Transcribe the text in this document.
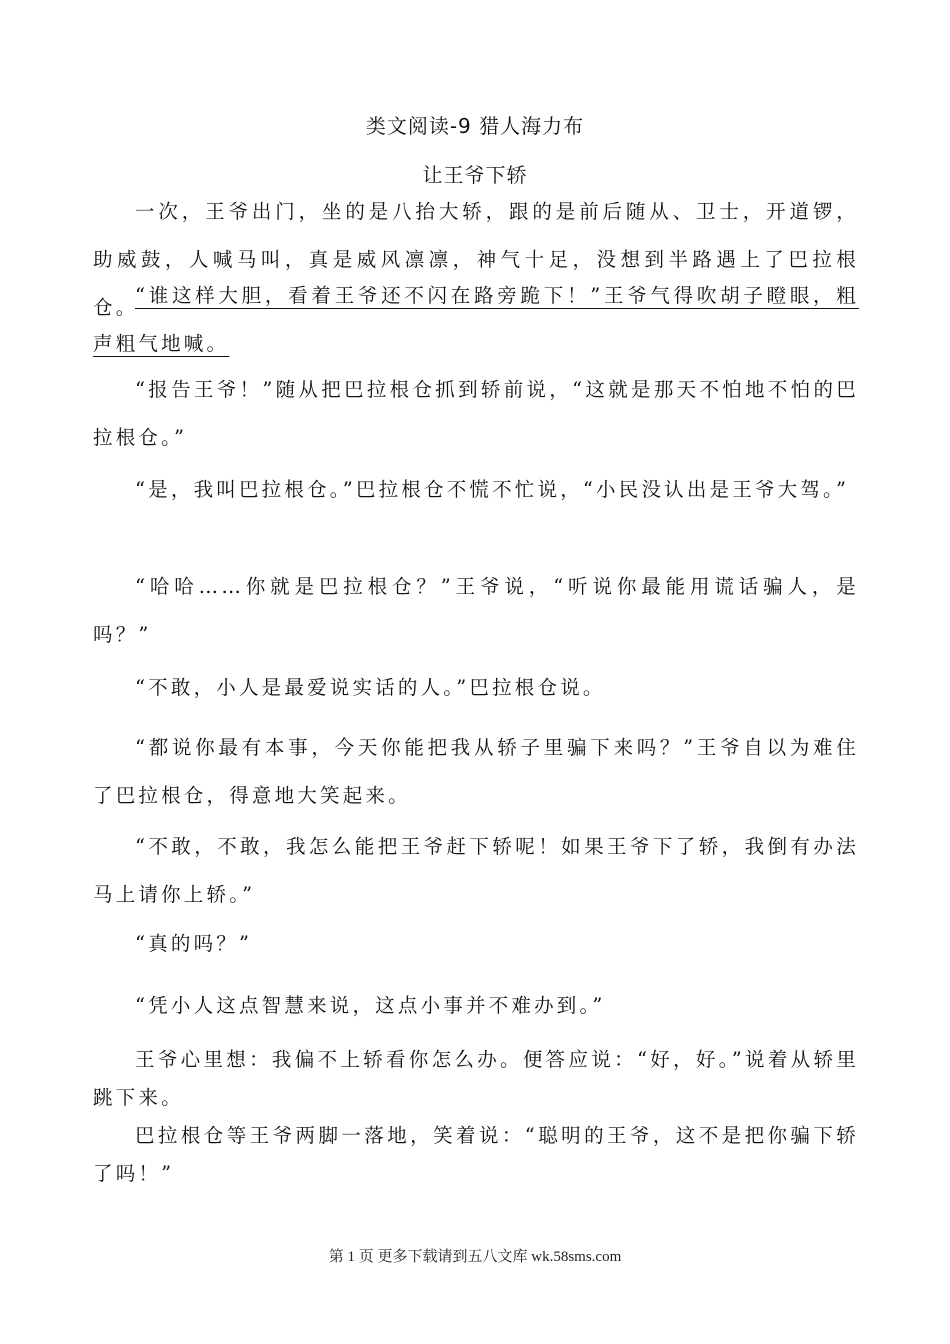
类文阅读-9 猎人海力布
让王爷下轿

一次，王爷出门，坐的是八抬大轿，跟的是前后随从、卫士，开道锣，助威鼓，人喊马叫，真是威风凛凛，神气十足，没想到半路遇上了巴拉根仓。

“谁这样大胆，看着王爷还不闪在路旁跪下！”王爷气得吹胡子瞪眼，粗声粗气地喊。

“报告王爷！”随从把巴拉根仓抓到轿前说，“这就是那天不怕地不怕的巴拉根仓。”

“是，我叫巴拉根仓。”巴拉根仓不慌不忙说，“小民没认出是王爷大驾。”

“哈哈……你就是巴拉根仓？”王爷说，“听说你最能用谎话骗人，是吗？”

“不敢，小人是最爱说实话的人。”巴拉根仓说。

“都说你最有本事，今天你能把我从轿子里骗下来吗？”王爷自以为难住了巴拉根仓，得意地大笑起来。

“不敢，不敢，我怎么能把王爷赶下轿呢！如果王爷下了轿，我倒有办法马上请你上轿。”

“真的吗？”

“凭小人这点智慧来说，这点小事并不难办到。”

王爷心里想：我偏不上轿看你怎么办。便答应说：“好，好。”说着从轿里跳下来。

巴拉根仓等王爷两脚一落地，笑着说：“聪明的王爷，这不是把你骗下轿了吗！”

第 1 页 更多下载请到五八文库 wk.58sms.com
